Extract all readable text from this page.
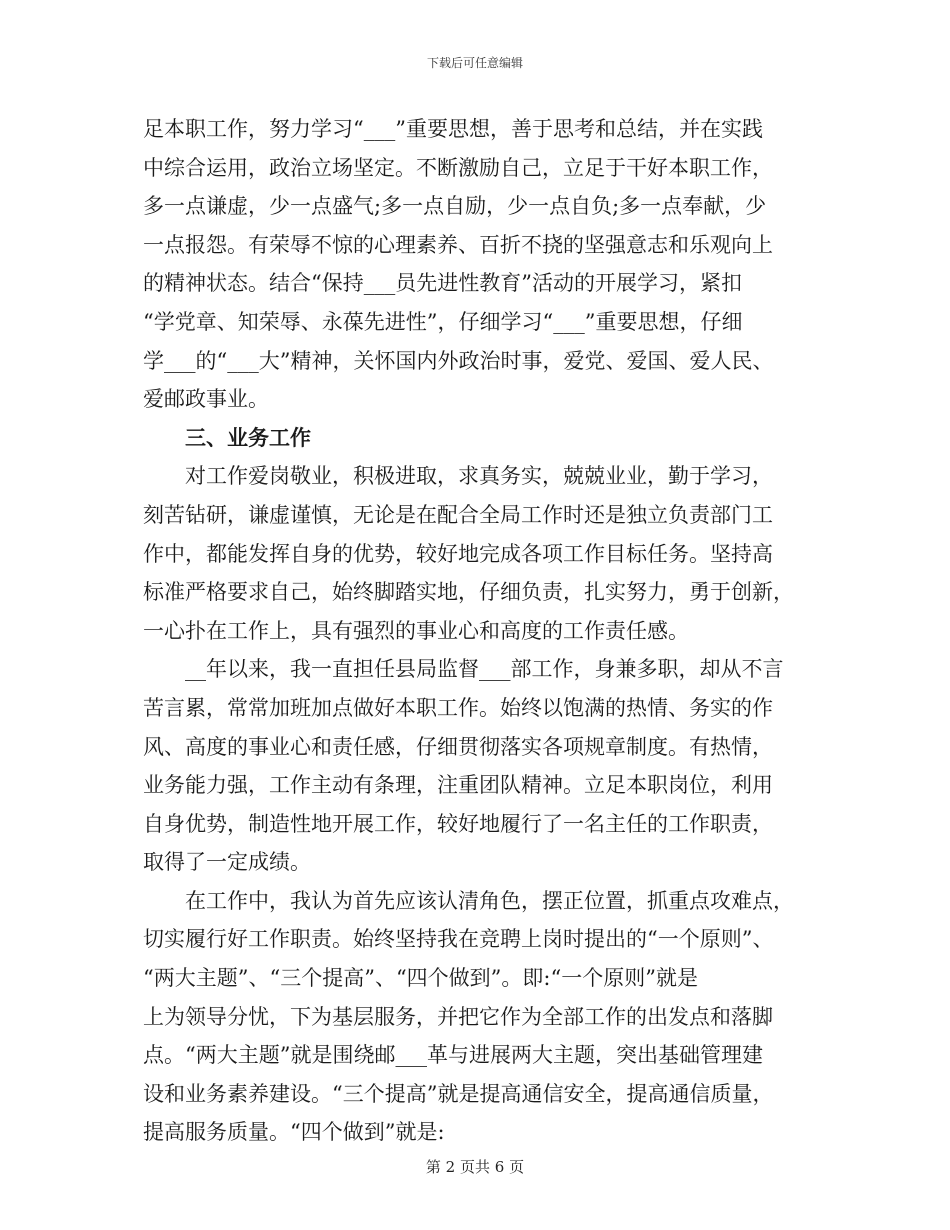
下载后可任意编辑
足本职工作，努力学习“___”重要思想，善于思考和总结，并在实践
中综合运用，政治立场坚定。不断激励自己，立足于干好本职工作，
多一点谦虚，少一点盛气;多一点自励，少一点自负;多一点奉献，少
一点报怨。有荣辱不惊的心理素养、百折不挠的坚强意志和乐观向上
的精神状态。结合“保持___员先进性教育”活动的开展学习，紧扣
“学党章、知荣辱、永葆先进性”，仔细学习“___”重要思想，仔细
学___的“___大”精神，关怀国内外政治时事，爱党、爱国、爱人民、
爱邮政事业。
三、业务工作
对工作爱岗敬业，积极进取，求真务实，兢兢业业，勤于学习，
刻苦钻研，谦虚谨慎，无论是在配合全局工作时还是独立负责部门工
作中，都能发挥自身的优势，较好地完成各项工作目标任务。坚持高
标准严格要求自己，始终脚踏实地，仔细负责，扎实努力，勇于创新，
一心扑在工作上，具有强烈的事业心和高度的工作责任感。
__年以来，我一直担任县局监督___部工作，身兼多职，却从不言
苦言累，常常加班加点做好本职工作。始终以饱满的热情、务实的作
风、高度的事业心和责任感，仔细贯彻落实各项规章制度。有热情，
业务能力强，工作主动有条理，注重团队精神。立足本职岗位，利用
自身优势，制造性地开展工作，较好地履行了一名主任的工作职责，
取得了一定成绩。
在工作中，我认为首先应该认清角色，摆正位置，抓重点攻难点，
切实履行好工作职责。始终坚持我在竞聘上岗时提出的“一个原则”、
“两大主题”、“三个提高”、“四个做到”。即:“一个原则”就是
上为领导分忧，下为基层服务，并把它作为全部工作的出发点和落脚
点。“两大主题”就是围绕邮___革与进展两大主题，突出基础管理建
设和业务素养建设。“三个提高”就是提高通信安全，提高通信质量，
提高服务质量。“四个做到”就是:
第 2 页共 6 页
